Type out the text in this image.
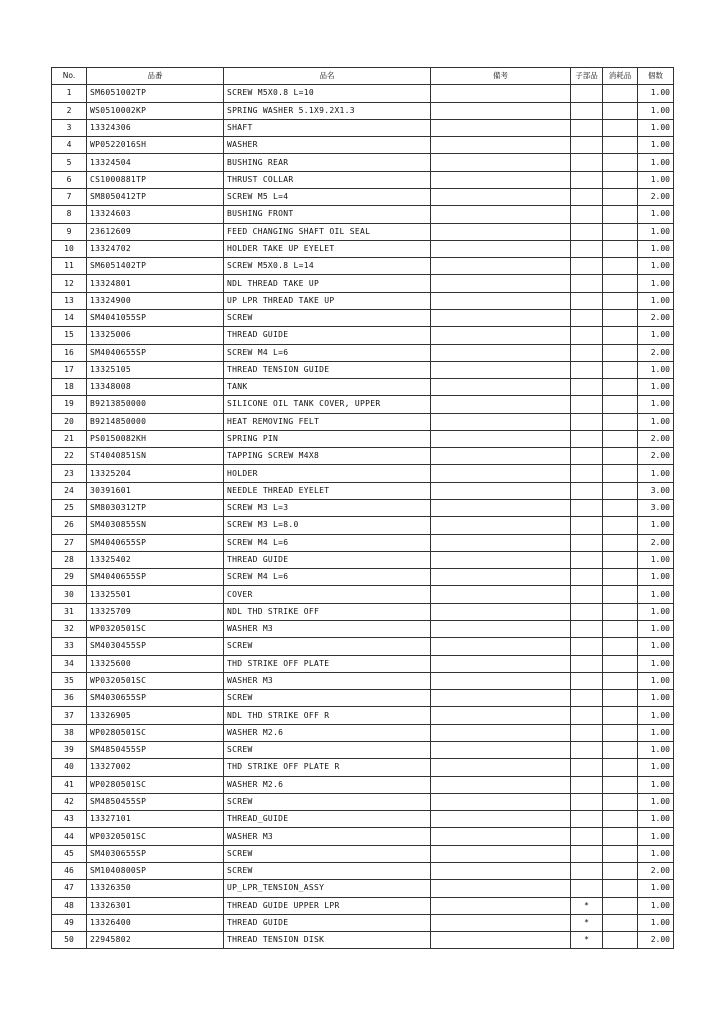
No.	品番	品名	備考	子部品	消耗品	個数
1	SM6051002TP	SCREW M5X0.8 L=10				1.00
2	WS0510002KP	SPRING WASHER 5.1X9.2X1.3				1.00
3	13324306	SHAFT				1.00
4	WP0522016SH	WASHER				1.00
5	13324504	BUSHING REAR				1.00
6	CS1000881TP	THRUST COLLAR				1.00
7	SM8050412TP	SCREW M5 L=4				2.00
8	13324603	BUSHING FRONT				1.00
9	23612609	FEED CHANGING SHAFT OIL SEAL				1.00
10	13324702	HOLDER TAKE UP EYELET				1.00
11	SM6051402TP	SCREW M5X0.8 L=14				1.00
12	13324801	NDL THREAD TAKE UP				1.00
13	13324900	UP LPR THREAD TAKE UP				1.00
14	SM4041055SP	SCREW				2.00
15	13325006	THREAD GUIDE				1.00
16	SM4040655SP	SCREW M4 L=6				2.00
17	13325105	THREAD TENSION GUIDE				1.00
18	13348008	TANK				1.00
19	B9213850000	SILICONE OIL TANK COVER, UPPER				1.00
20	B9214850000	HEAT REMOVING FELT				1.00
21	PS0150082KH	SPRING PIN				2.00
22	ST4040851SN	TAPPING SCREW M4X8				2.00
23	13325204	HOLDER				1.00
24	30391601	NEEDLE THREAD EYELET				3.00
25	SM8030312TP	SCREW M3 L=3				3.00
26	SM4030855SN	SCREW M3 L=8.0				1.00
27	SM4040655SP	SCREW M4 L=6				2.00
28	13325402	THREAD GUIDE				1.00
29	SM4040655SP	SCREW M4 L=6				1.00
30	13325501	COVER				1.00
31	13325709	NDL THD STRIKE OFF				1.00
32	WP0320501SC	WASHER M3				1.00
33	SM4030455SP	SCREW				1.00
34	13325600	THD STRIKE OFF PLATE				1.00
35	WP0320501SC	WASHER M3				1.00
36	SM4030655SP	SCREW				1.00
37	13326905	NDL THD STRIKE OFF R				1.00
38	WP0280501SC	WASHER M2.6				1.00
39	SM4850455SP	SCREW				1.00
40	13327002	THD STRIKE OFF PLATE R				1.00
41	WP0280501SC	WASHER M2.6				1.00
42	SM4850455SP	SCREW				1.00
43	13327101	THREAD_GUIDE				1.00
44	WP0320501SC	WASHER M3				1.00
45	SM4030655SP	SCREW				1.00
46	SM1040800SP	SCREW				2.00
47	13326350	UP_LPR_TENSION_ASSY				1.00
48	13326301	THREAD GUIDE UPPER LPR		*		1.00
49	13326400	THREAD GUIDE		*		1.00
50	22945802	THREAD TENSION DISK		*		2.00
